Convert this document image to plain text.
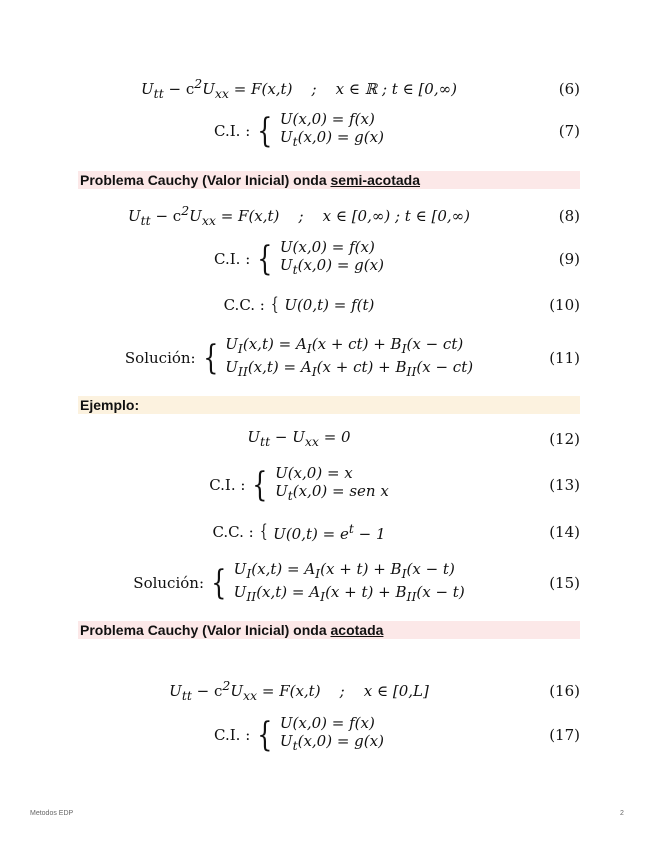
$U_{tt} - c^2U_{xx} = F(x,t)$    ;    x ∈ ℝ ; t ∈ [0,∞)	(6)
C.I. : { U(x,0) = f(x)
$U_t(x,0) = g(x)$	(7)
Problema Cauchy (Valor Inicial) onda semi-acotada
$U_{tt} - c^2U_{xx} = F(x,t)$    ;    x ∈ [0,∞) ; t ∈ [0,∞)	(8)
C.I. : { U(x,0) = f(x)
$U_t(x,0) = g(x)$	(9)
C.C. : { U(0,t) = f(t)	(10)
Solución: { $U_I(x,t) = A_I(x + ct) + B_I(x - ct)$
$U_{II}(x,t) = A_I(x + ct) + B_{II}(x - ct)$	(11)
Ejemplo:
$U_{tt} - U_{xx} = 0$	(12)
C.I. : { U(x,0) = x
$U_t(x,0)$ = sen x	(13)
C.C. : { $U(0,t) = e^t - 1$	(14)
Solución: { $U_I(x,t) = A_I(x + t) + B_I(x - t)$
$U_{II}(x,t) = A_I(x + t) + B_{II}(x - t)$	(15)
Problema Cauchy (Valor Inicial) onda acotada
$U_{tt} - c^2U_{xx} = F(x,t)$    ;    x ∈ [0,L]	(16)
C.I. : { U(x,0) = f(x)
$U_t(x,0) = g(x)$	(17)
Metodos EDP	2
